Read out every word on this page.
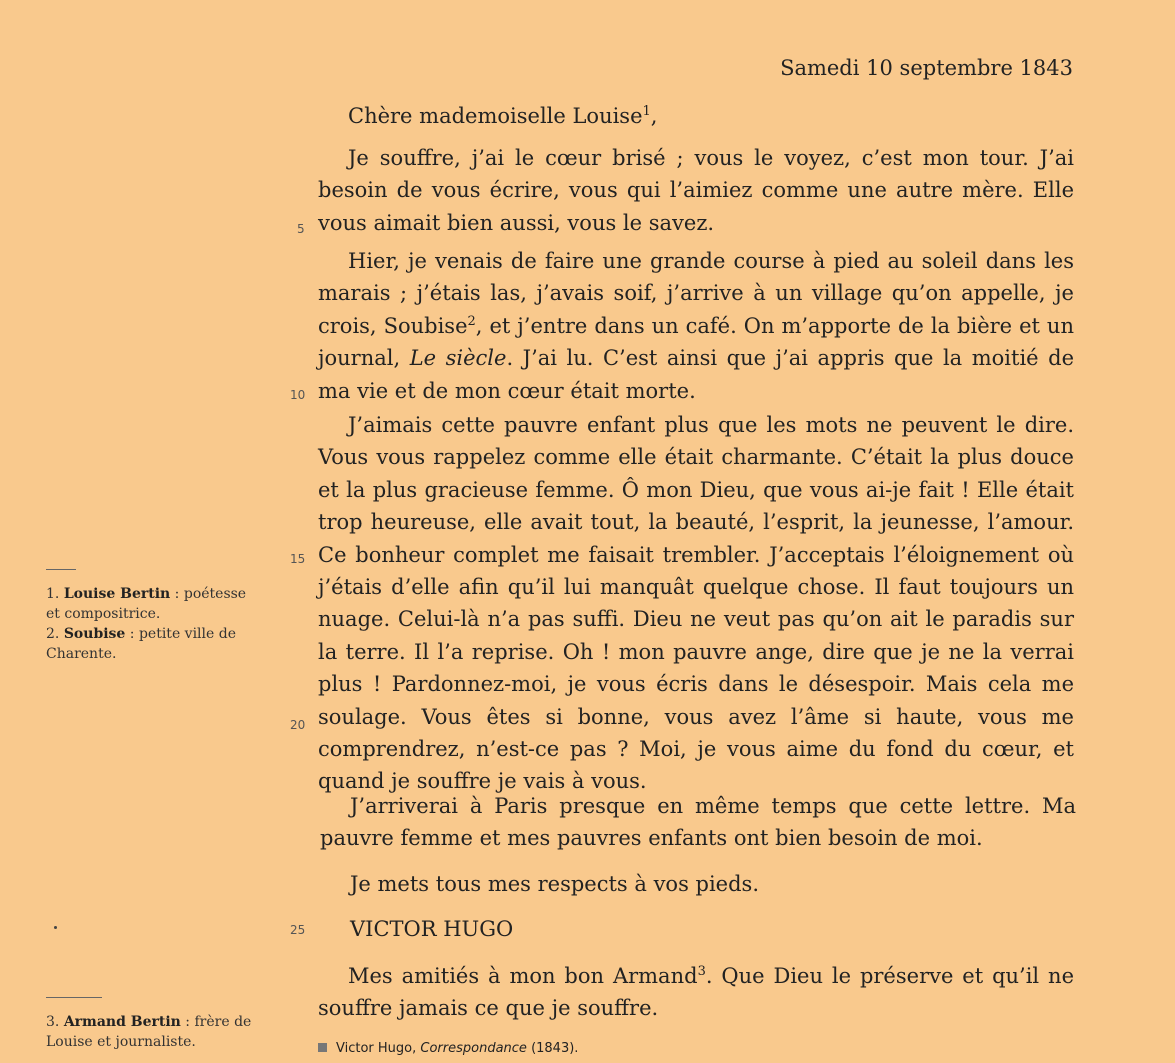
Samedi 10 septembre 1843
Chère mademoiselle Louise$^1$,

Je souffre, j’ai le cœur brisé ; vous le voyez, c’est mon tour. J’ai besoin de vous écrire, vous qui l’aimiez comme une autre mère. Elle vous aimait bien aussi, vous le savez.

Hier, je venais de faire une grande course à pied au soleil dans les marais ; j’étais las, j’avais soif, j’arrive à un village qu’on appelle, je crois, Soubise$^2$, et j’entre dans un café. On m’apporte de la bière et un journal, Le siècle. J’ai lu. C’est ainsi que j’ai appris que la moitié de ma vie et de mon cœur était morte.

J’aimais cette pauvre enfant plus que les mots ne peuvent le dire. Vous vous rappelez comme elle était charmante. C’était la plus douce et la plus gracieuse femme. Ô mon Dieu, que vous ai-je fait ! Elle était trop heureuse, elle avait tout, la beauté, l’esprit, la jeunesse, l’amour. Ce bonheur complet me faisait trembler. J’acceptais l’éloignement où j’étais d’elle afin qu’il lui manquât quelque chose. Il faut toujours un nuage. Celui-là n’a pas suffi. Dieu ne veut pas qu’on ait le paradis sur la terre. Il l’a reprise. Oh ! mon pauvre ange, dire que je ne la verrai plus ! Pardonnez-moi, je vous écris dans le désespoir. Mais cela me soulage. Vous êtes si bonne, vous avez l’âme si haute, vous me comprendrez, n’est-ce pas ? Moi, je vous aime du fond du cœur, et quand je souffre je vais à vous.

J’arriverai à Paris presque en même temps que cette lettre. Ma pauvre femme et mes pauvres enfants ont bien besoin de moi.

Je mets tous mes respects à vos pieds.

VICTOR HUGO

Mes amitiés à mon bon Armand$^3$. Que Dieu le préserve et qu’il ne souffre jamais ce que je souffre.

5
10
15
20
25
1. Louise Bertin : poétesse et compositrice.
2. Soubise : petite ville de Charente.
3. Armand Bertin : frère de Louise et journaliste.	Victor Hugo, Correspondance (1843).
